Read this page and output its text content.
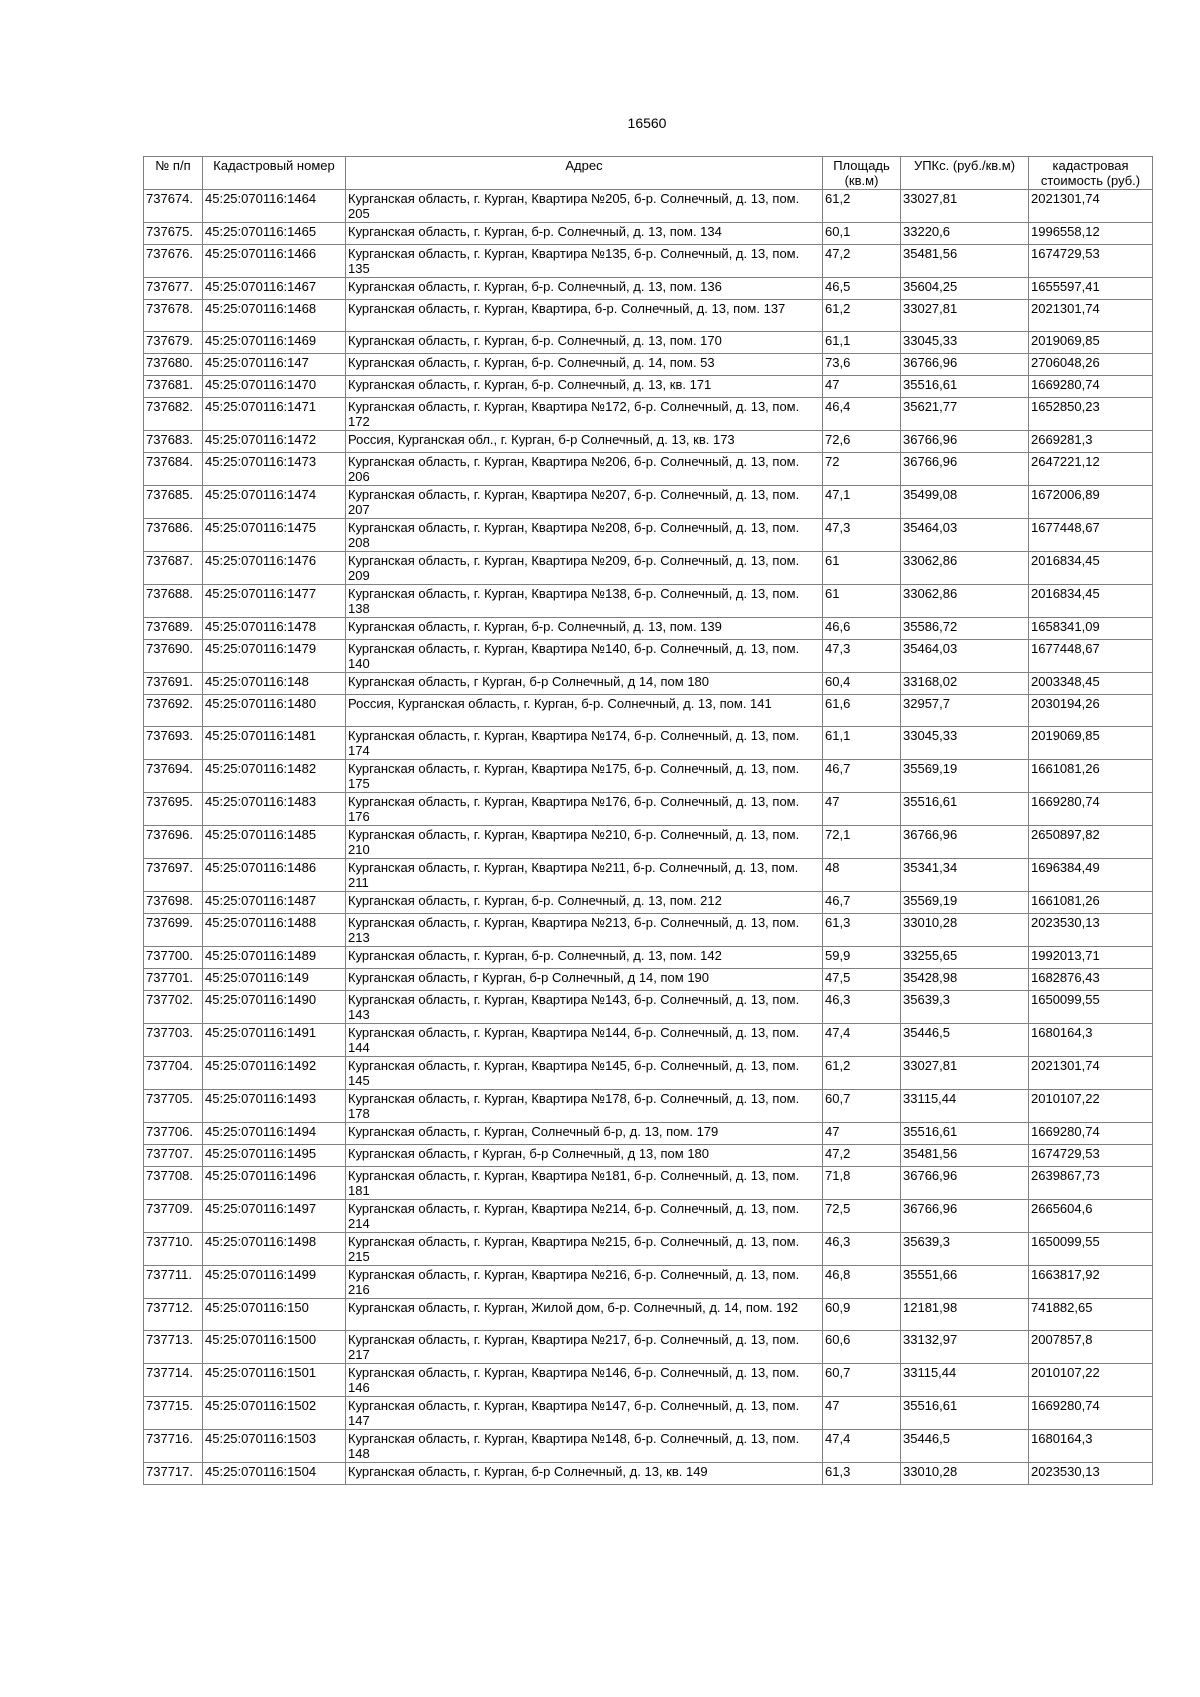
16560
№ п/п	Кадастровый номер	Адрес	Площадь (кв.м)	УПКс. (руб./кв.м)	кадастровая стоимость (руб.)
737674.	45:25:070116:1464	Курганская область, г. Курган, Квартира №205, б-р. Солнечный, д. 13, пом. 205	61,2	33027,81	2021301,74
737675.	45:25:070116:1465	Курганская область, г. Курган, б-р. Солнечный, д. 13, пом. 134	60,1	33220,6	1996558,12
737676.	45:25:070116:1466	Курганская область, г. Курган, Квартира №135, б-р. Солнечный, д. 13, пом. 135	47,2	35481,56	1674729,53
737677.	45:25:070116:1467	Курганская область, г. Курган, б-р. Солнечный, д. 13, пом. 136	46,5	35604,25	1655597,41
737678.	45:25:070116:1468	Курганская область, г. Курган, Квартира, б-р. Солнечный, д. 13, пом. 137	61,2	33027,81	2021301,74
737679.	45:25:070116:1469	Курганская область, г. Курган, б-р. Солнечный, д. 13, пом. 170	61,1	33045,33	2019069,85
737680.	45:25:070116:147	Курганская область, г. Курган, б-р. Солнечный, д. 14, пом. 53	73,6	36766,96	2706048,26
737681.	45:25:070116:1470	Курганская область, г. Курган, б-р. Солнечный, д. 13, кв. 171	47	35516,61	1669280,74
737682.	45:25:070116:1471	Курганская область, г. Курган, Квартира №172, б-р. Солнечный, д. 13, пом. 172	46,4	35621,77	1652850,23
737683.	45:25:070116:1472	Россия, Курганская обл., г. Курган, б-р Солнечный, д. 13, кв. 173	72,6	36766,96	2669281,3
737684.	45:25:070116:1473	Курганская область, г. Курган, Квартира №206, б-р. Солнечный, д. 13, пом. 206	72	36766,96	2647221,12
737685.	45:25:070116:1474	Курганская область, г. Курган, Квартира №207, б-р. Солнечный, д. 13, пом. 207	47,1	35499,08	1672006,89
737686.	45:25:070116:1475	Курганская область, г. Курган, Квартира №208, б-р. Солнечный, д. 13, пом. 208	47,3	35464,03	1677448,67
737687.	45:25:070116:1476	Курганская область, г. Курган, Квартира №209, б-р. Солнечный, д. 13, пом. 209	61	33062,86	2016834,45
737688.	45:25:070116:1477	Курганская область, г. Курган, Квартира №138, б-р. Солнечный, д. 13, пом. 138	61	33062,86	2016834,45
737689.	45:25:070116:1478	Курганская область, г. Курган, б-р. Солнечный, д. 13, пом. 139	46,6	35586,72	1658341,09
737690.	45:25:070116:1479	Курганская область, г. Курган, Квартира №140, б-р. Солнечный, д. 13, пом. 140	47,3	35464,03	1677448,67
737691.	45:25:070116:148	Курганская область, г Курган, б-р Солнечный, д 14, пом 180	60,4	33168,02	2003348,45
737692.	45:25:070116:1480	Россия, Курганская область, г. Курган, б-р. Солнечный, д. 13, пом. 141	61,6	32957,7	2030194,26
737693.	45:25:070116:1481	Курганская область, г. Курган, Квартира №174, б-р. Солнечный, д. 13, пом. 174	61,1	33045,33	2019069,85
737694.	45:25:070116:1482	Курганская область, г. Курган, Квартира №175, б-р. Солнечный, д. 13, пом. 175	46,7	35569,19	1661081,26
737695.	45:25:070116:1483	Курганская область, г. Курган, Квартира №176, б-р. Солнечный, д. 13, пом. 176	47	35516,61	1669280,74
737696.	45:25:070116:1485	Курганская область, г. Курган, Квартира №210, б-р. Солнечный, д. 13, пом. 210	72,1	36766,96	2650897,82
737697.	45:25:070116:1486	Курганская область, г. Курган, Квартира №211, б-р. Солнечный, д. 13, пом. 211	48	35341,34	1696384,49
737698.	45:25:070116:1487	Курганская область, г. Курган, б-р. Солнечный, д. 13, пом. 212	46,7	35569,19	1661081,26
737699.	45:25:070116:1488	Курганская область, г. Курган, Квартира №213, б-р. Солнечный, д. 13, пом. 213	61,3	33010,28	2023530,13
737700.	45:25:070116:1489	Курганская область, г. Курган, б-р. Солнечный, д. 13, пом. 142	59,9	33255,65	1992013,71
737701.	45:25:070116:149	Курганская область, г Курган, б-р Солнечный, д 14, пом 190	47,5	35428,98	1682876,43
737702.	45:25:070116:1490	Курганская область, г. Курган, Квартира №143, б-р. Солнечный, д. 13, пом. 143	46,3	35639,3	1650099,55
737703.	45:25:070116:1491	Курганская область, г. Курган, Квартира №144, б-р. Солнечный, д. 13, пом. 144	47,4	35446,5	1680164,3
737704.	45:25:070116:1492	Курганская область, г. Курган, Квартира №145, б-р. Солнечный, д. 13, пом. 145	61,2	33027,81	2021301,74
737705.	45:25:070116:1493	Курганская область, г. Курган, Квартира №178, б-р. Солнечный, д. 13, пом. 178	60,7	33115,44	2010107,22
737706.	45:25:070116:1494	Курганская область, г. Курган, Солнечный б-р, д. 13, пом. 179	47	35516,61	1669280,74
737707.	45:25:070116:1495	Курганская область, г Курган, б-р Солнечный, д 13, пом 180	47,2	35481,56	1674729,53
737708.	45:25:070116:1496	Курганская область, г. Курган, Квартира №181, б-р. Солнечный, д. 13, пом. 181	71,8	36766,96	2639867,73
737709.	45:25:070116:1497	Курганская область, г. Курган, Квартира №214, б-р. Солнечный, д. 13, пом. 214	72,5	36766,96	2665604,6
737710.	45:25:070116:1498	Курганская область, г. Курган, Квартира №215, б-р. Солнечный, д. 13, пом. 215	46,3	35639,3	1650099,55
737711.	45:25:070116:1499	Курганская область, г. Курган, Квартира №216, б-р. Солнечный, д. 13, пом. 216	46,8	35551,66	1663817,92
737712.	45:25:070116:150	Курганская область, г. Курган, Жилой дом, б-р. Солнечный, д. 14, пом. 192	60,9	12181,98	741882,65
737713.	45:25:070116:1500	Курганская область, г. Курган, Квартира №217, б-р. Солнечный, д. 13, пом. 217	60,6	33132,97	2007857,8
737714.	45:25:070116:1501	Курганская область, г. Курган, Квартира №146, б-р. Солнечный, д. 13, пом. 146	60,7	33115,44	2010107,22
737715.	45:25:070116:1502	Курганская область, г. Курган, Квартира №147, б-р. Солнечный, д. 13, пом. 147	47	35516,61	1669280,74
737716.	45:25:070116:1503	Курганская область, г. Курган, Квартира №148, б-р. Солнечный, д. 13, пом. 148	47,4	35446,5	1680164,3
737717.	45:25:070116:1504	Курганская область, г. Курган, б-р Солнечный, д. 13, кв. 149	61,3	33010,28	2023530,13
